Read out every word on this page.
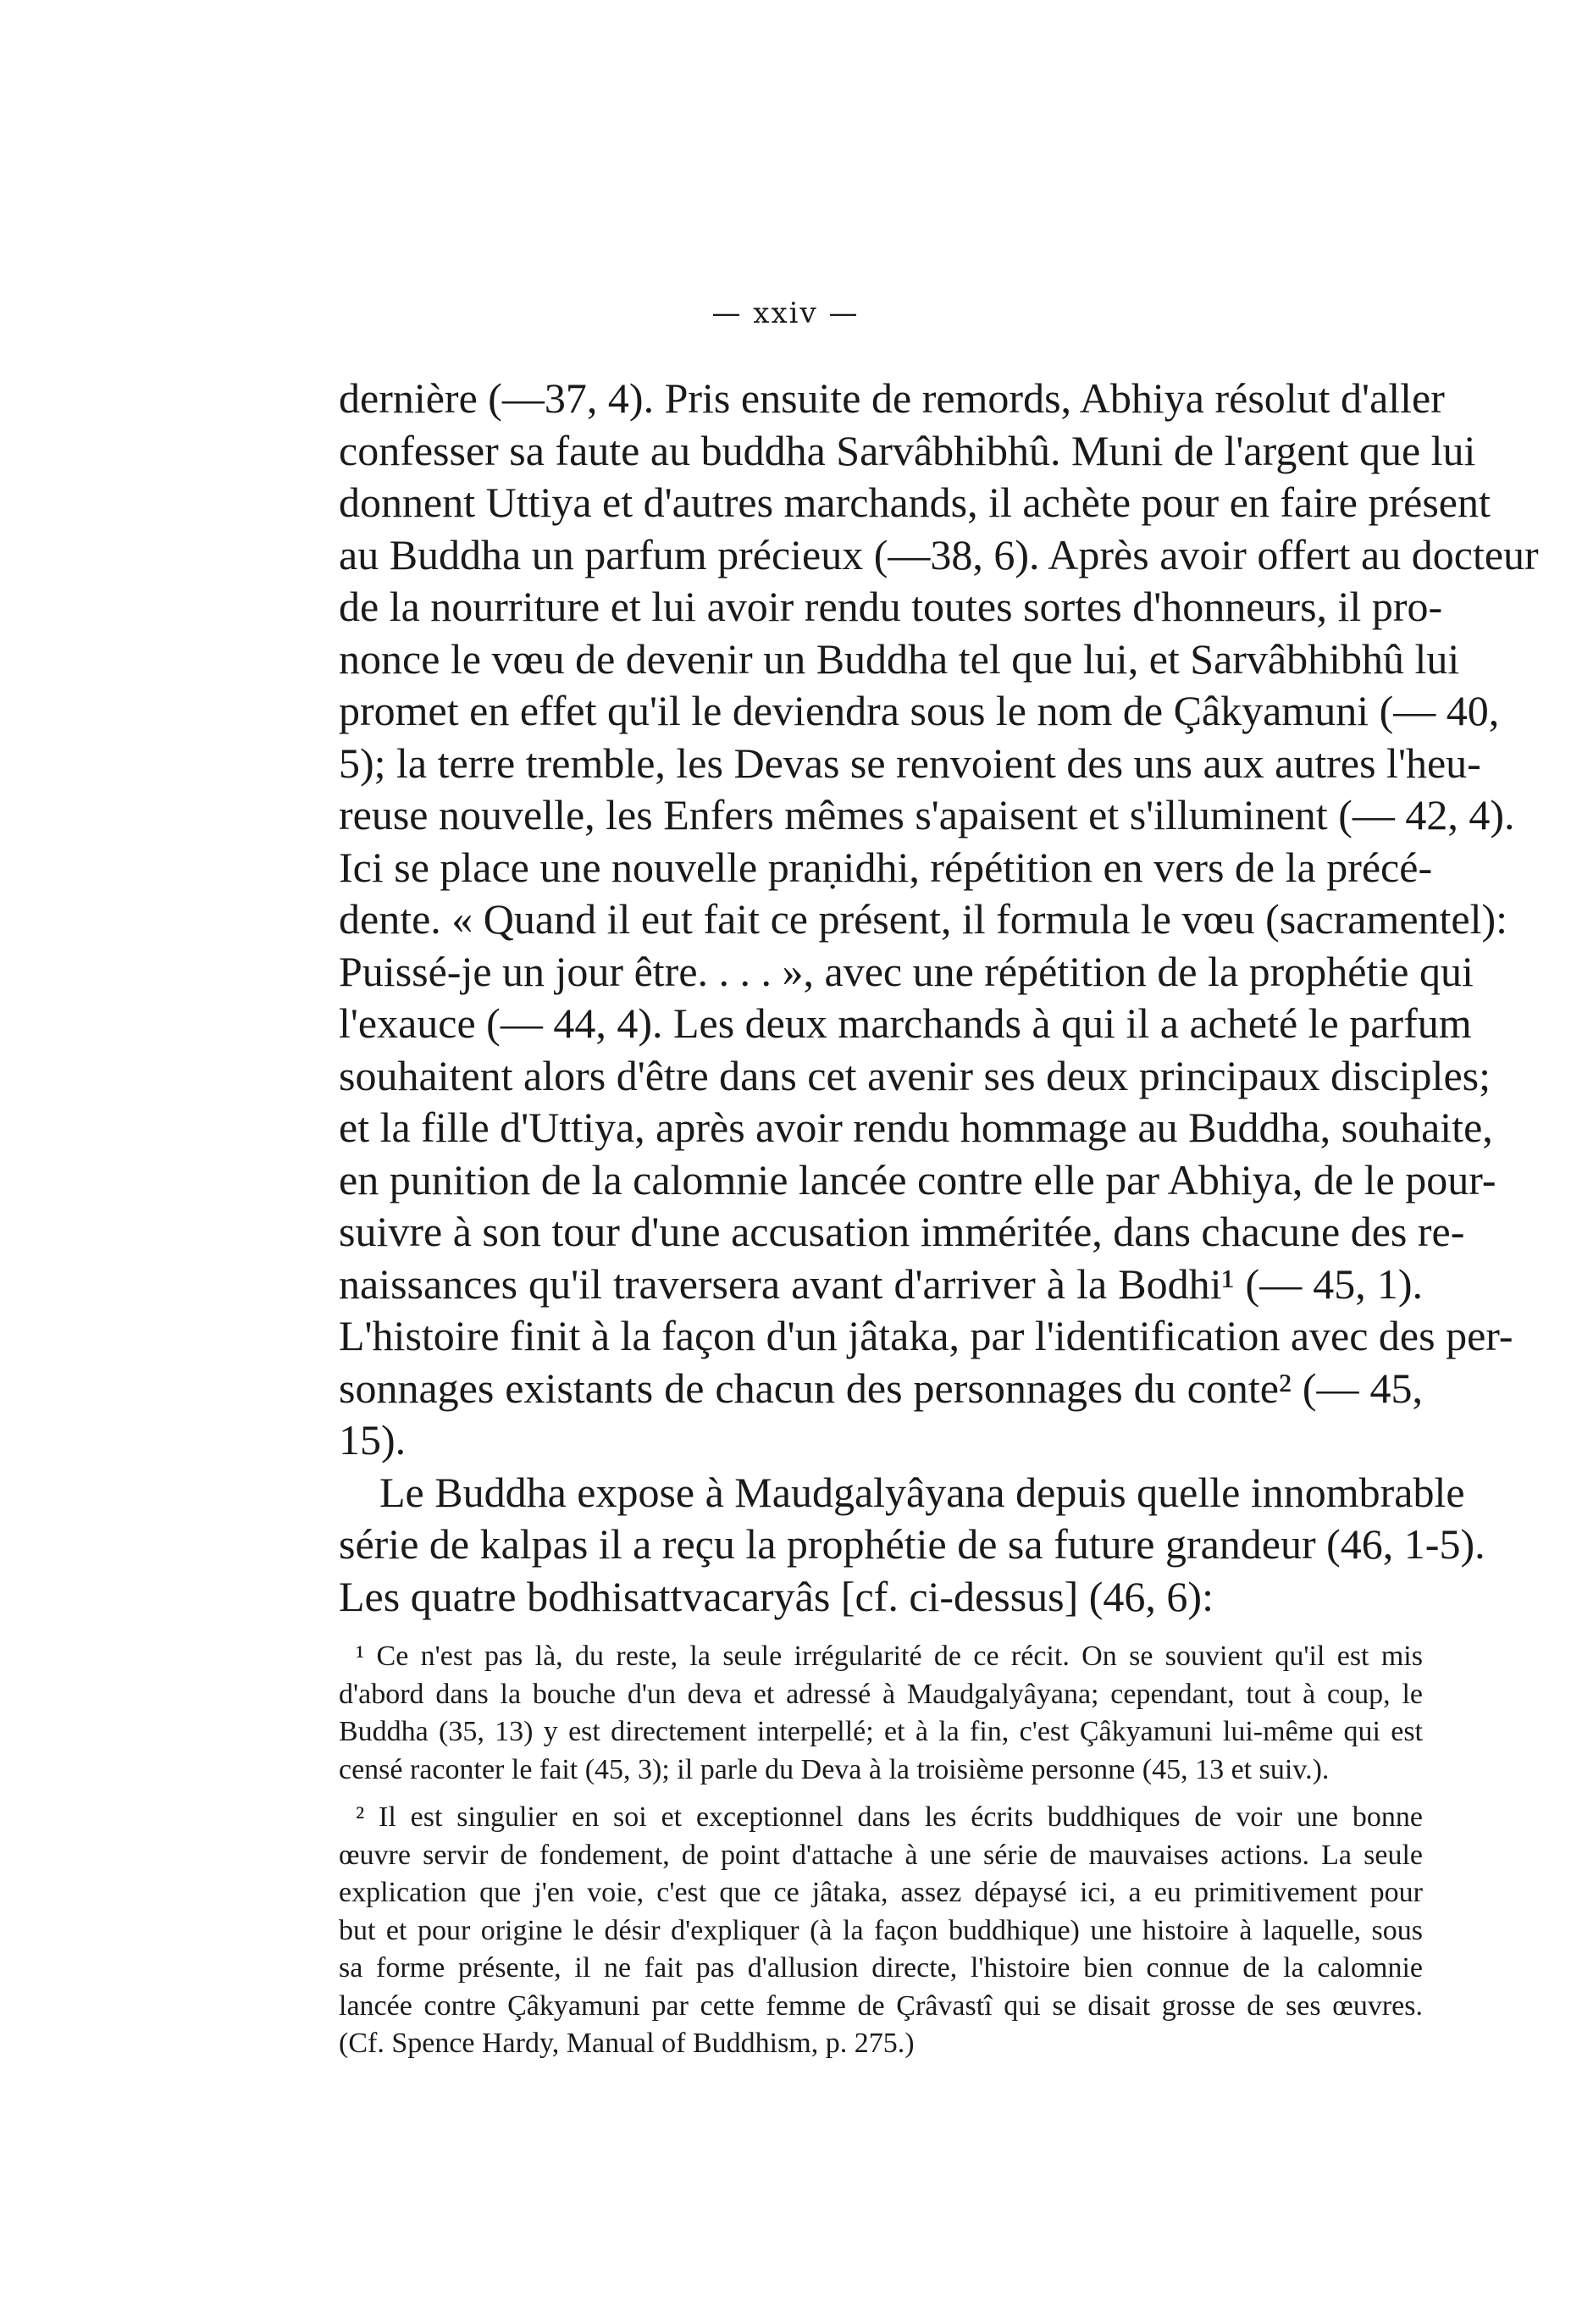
— xxiv —
dernière (—37, 4). Pris ensuite de remords, Abhiya résolut d'aller
confesser sa faute au buddha Sarvâbhibhû. Muni de l'argent que lui
donnent Uttiya et d'autres marchands, il achète pour en faire présent
au Buddha un parfum précieux (—38, 6). Après avoir offert au docteur
de la nourriture et lui avoir rendu toutes sortes d'honneurs, il pro-
nonce le vœu de devenir un Buddha tel que lui, et Sarvâbhibhû lui
promet en effet qu'il le deviendra sous le nom de Çâkyamuni (— 40,
5); la terre tremble, les Devas se renvoient des uns aux autres l'heu-
reuse nouvelle, les Enfers mêmes s'apaisent et s'illuminent (— 42, 4).
Ici se place une nouvelle praṇidhi, répétition en vers de la précé-
dente. « Quand il eut fait ce présent, il formula le vœu (sacramentel):
Puissé-je un jour être. . . . », avec une répétition de la prophétie qui
l'exauce (— 44, 4). Les deux marchands à qui il a acheté le parfum
souhaitent alors d'être dans cet avenir ses deux principaux disciples;
et la fille d'Uttiya, après avoir rendu hommage au Buddha, souhaite,
en punition de la calomnie lancée contre elle par Abhiya, de le pour-
suivre à son tour d'une accusation imméritée, dans chacune des re-
naissances qu'il traversera avant d'arriver à la Bodhi¹ (— 45, 1).
L'histoire finit à la façon d'un jâtaka, par l'identification avec des per-
sonnages existants de chacun des personnages du conte² (— 45,
15).
Le Buddha expose à Maudgalyâyana depuis quelle innombrable
série de kalpas il a reçu la prophétie de sa future grandeur (46, 1-5).
Les quatre bodhisattvacaryâs [cf. ci-dessus] (46, 6):
¹ Ce n'est pas là, du reste, la seule irrégularité de ce récit. On se souvient qu'il est mis
d'abord dans la bouche d'un deva et adressé à Maudgalyâyana; cependant, tout à coup, le
Buddha (35, 13) y est directement interpellé; et à la fin, c'est Çâkyamuni lui-même qui est
censé raconter le fait (45, 3); il parle du Deva à la troisième personne (45, 13 et suiv.).
² Il est singulier en soi et exceptionnel dans les écrits buddhiques de voir une bonne
œuvre servir de fondement, de point d'attache à une série de mauvaises actions. La seule
explication que j'en voie, c'est que ce jâtaka, assez dépaysé ici, a eu primitivement pour
but et pour origine le désir d'expliquer (à la façon buddhique) une histoire à laquelle, sous
sa forme présente, il ne fait pas d'allusion directe, l'histoire bien connue de la calomnie
lancée contre Çâkyamuni par cette femme de Çrâvastî qui se disait grosse de ses œuvres.
(Cf. Spence Hardy, Manual of Buddhism, p. 275.)
